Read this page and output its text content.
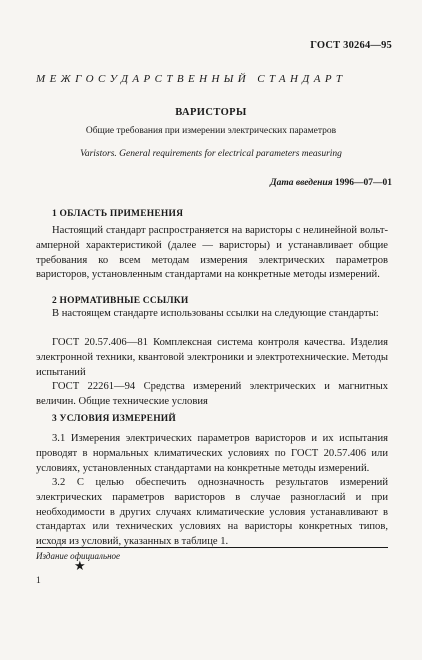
ГОСТ 30264—95
МЕЖГОСУДАРСТВЕННЫЙ СТАНДАРТ
ВАРИСТОРЫ
Общие требования при измерении электрических параметров
Varistors. General requirements for electrical parameters measuring
Дата введения 1996—07—01
1 ОБЛАСТЬ ПРИМЕНЕНИЯ
Настоящий стандарт распространяется на варисторы с нелинейной вольт-амперной характеристикой (далее — варисторы) и устанавливает общие требования ко всем методам измерения электрических параметров варисторов, установленным стандартами на конкретные методы измерений.
2 НОРМАТИВНЫЕ ССЫЛКИ
В настоящем стандарте использованы ссылки на следующие стандарты:
ГОСТ 20.57.406—81 Комплексная система контроля качества. Изделия электронной техники, квантовой электроники и электротехнические. Методы испытаний
ГОСТ 22261—94 Средства измерений электрических и магнитных величин. Общие технические условия
3 УСЛОВИЯ ИЗМЕРЕНИЙ
3.1 Измерения электрических параметров варисторов и их испытания проводят в нормальных климатических условиях по ГОСТ 20.57.406 или условиях, установленных стандартами на конкретные методы измерений.
3.2 С целью обеспечить однозначность результатов измерений электрических параметров варисторов в случае разногласий и при необходимости в других случаях климатические условия устанавливают в стандартах или технических условиях на варисторы конкретных типов, исходя из условий, указанных в таблице 1.
Издание официальное
★
1
